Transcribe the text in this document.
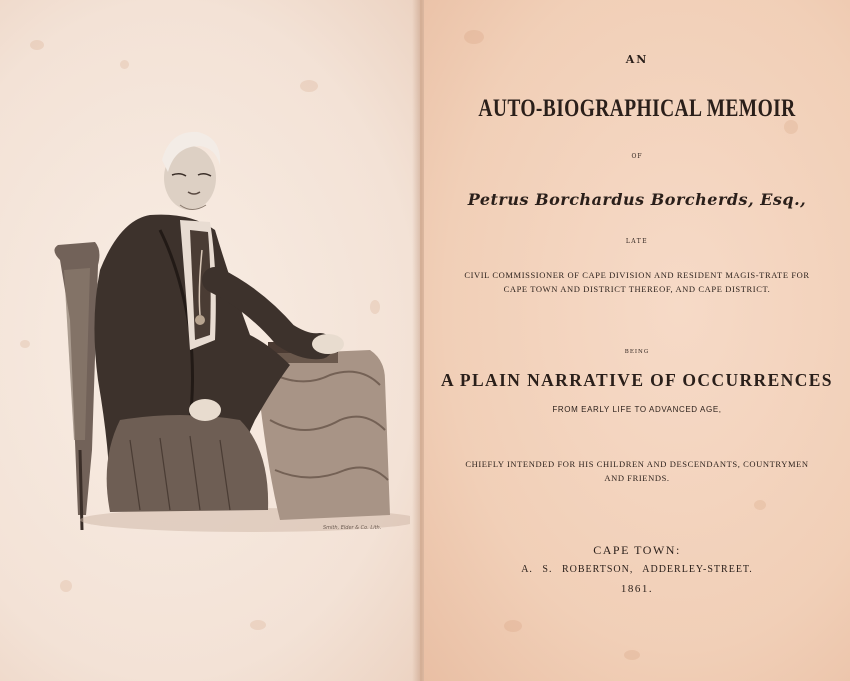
Smith, Elder & Co. Lith.
AN
AUTO-BIOGRAPHICAL MEMOIR
OF
Petrus Borchardus Borcherds, Esq.,
LATE
CIVIL COMMISSIONER OF CAPE DIVISION AND RESIDENT MAGIS-TRATE FOR CAPE TOWN AND DISTRICT THEREOF, AND CAPE DISTRICT.
BEING
A PLAIN NARRATIVE OF OCCURRENCES
FROM EARLY LIFE TO ADVANCED AGE,
CHIEFLY INTENDED FOR HIS CHILDREN AND DESCENDANTS, COUNTRYMEN AND FRIENDS.
CAPE TOWN:
A. S. ROBERTSON, ADDERLEY-STREET.
1861.
